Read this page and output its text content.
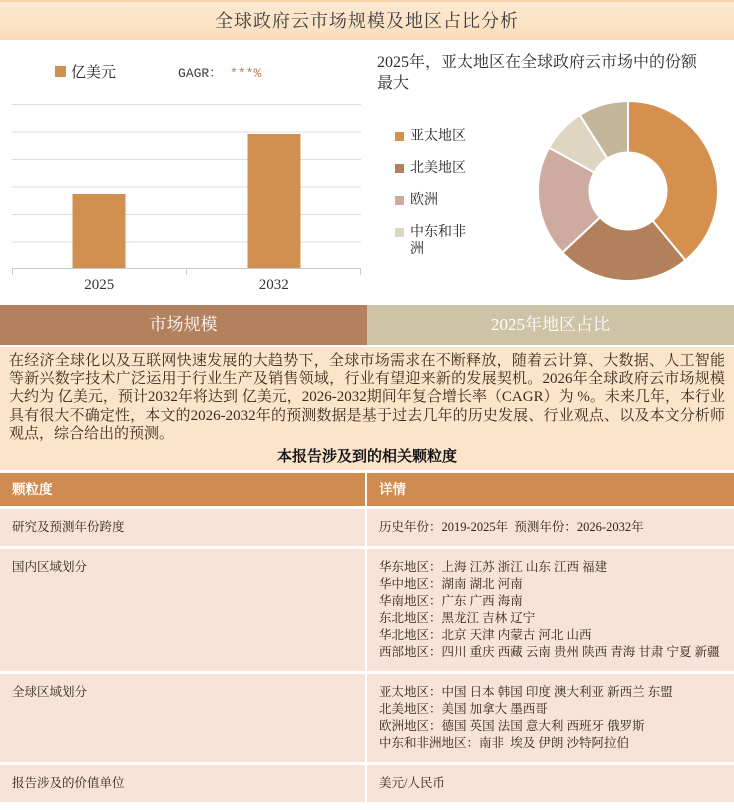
全球政府云市场规模及地区占比分析
亿美元	GAGR： ***%
2025	2032
2025年，亚太地区在全球政府云市场中的份额最大
亚太地区
北美地区
欧洲
中东和非洲
市场规模	2025年地区占比
在经济全球化以及互联网快速发展的大趋势下，全球市场需求在不断释放，随着云计算、大数据、人工智能等新兴数字技术广泛运用于行业生产及销售领域，行业有望迎来新的发展契机。2026年全球政府云市场规模大约为 亿美元，预计2032年将达到 亿美元，2026-2032期间年复合增长率（CAGR）为 %。未来几年，本行业具有很大不确定性，本文的2026-2032年的预测数据是基于过去几年的历史发展、行业观点、以及本文分析师观点，综合给出的预测。
本报告涉及到的相关颗粒度
颗粒度	详情
研究及预测年份跨度	历史年份：2019-2025年  预测年份：2026-2032年
国内区域划分	华东地区：上海 江苏 浙江 山东 江西 福建
华中地区：湖南 湖北 河南
华南地区：广东 广西 海南
东北地区：黑龙江 吉林 辽宁
华北地区：北京 天津 内蒙古 河北 山西
西部地区：四川 重庆 西藏 云南 贵州 陕西 青海 甘肃 宁夏 新疆
全球区域划分	亚太地区：中国 日本 韩国 印度 澳大利亚 新西兰 东盟
北美地区：美国 加拿大 墨西哥
欧洲地区：德国 英国 法国 意大利 西班牙 俄罗斯
中东和非洲地区：南非  埃及 伊朗 沙特阿拉伯
报告涉及的价值单位	美元/人民币
